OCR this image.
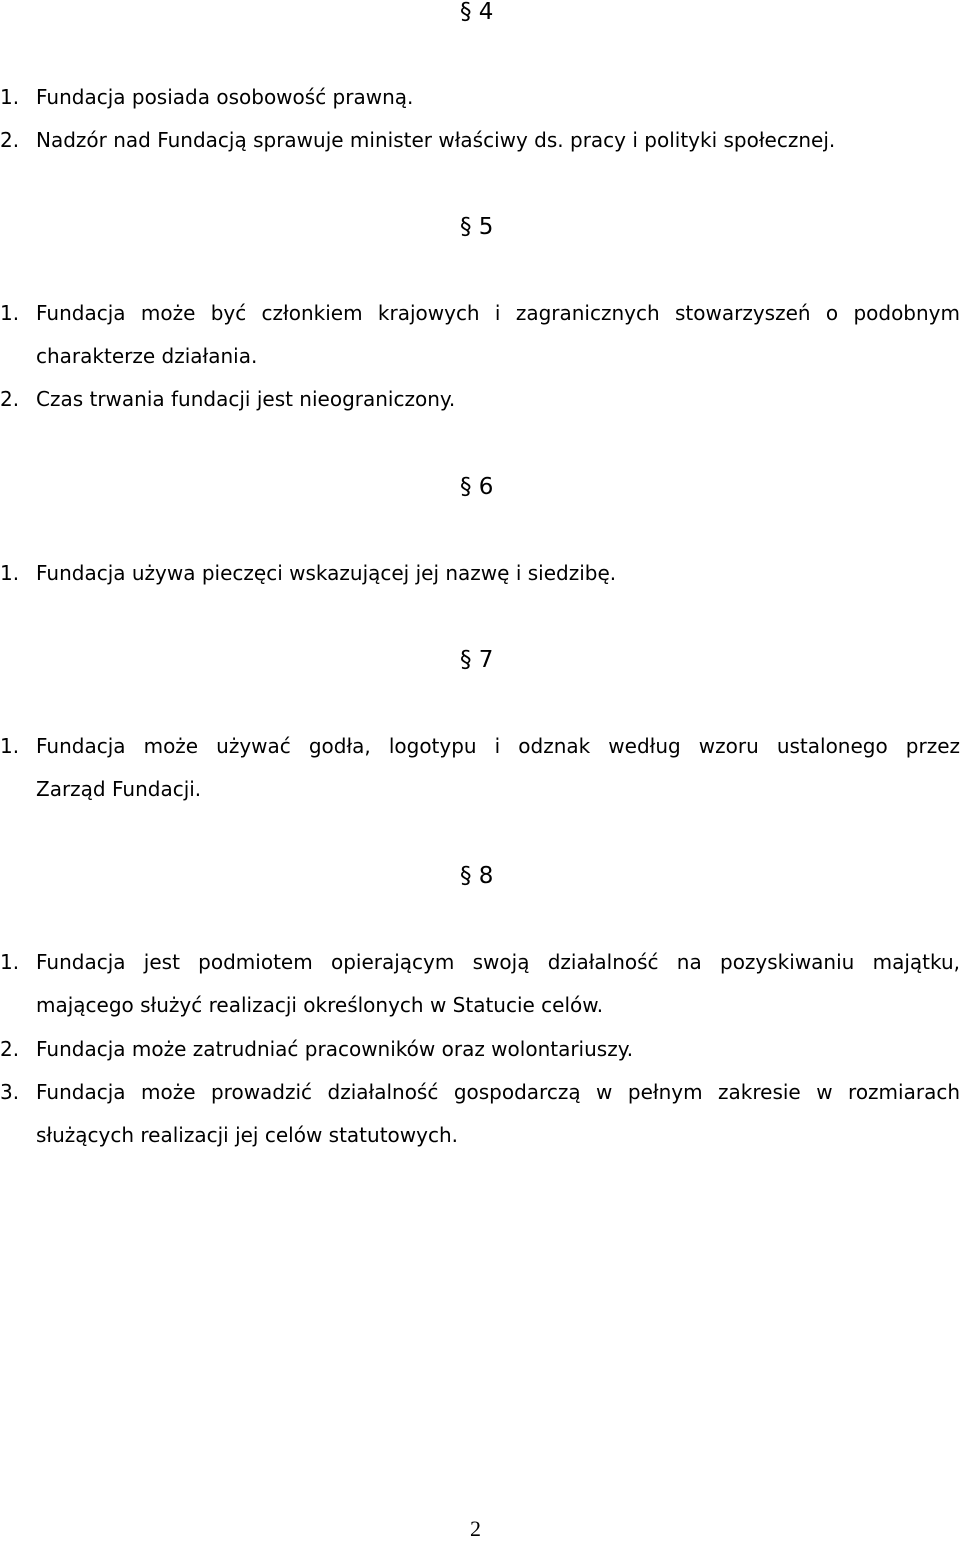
§ 4
1. Fundacja posiada osobowość prawną.
2. Nadzór nad Fundacją sprawuje minister właściwy ds. pracy i polityki społecznej.
§ 5
1. Fundacja może być członkiem krajowych i zagranicznych stowarzyszeń o podobnym
charakterze działania.
2. Czas trwania fundacji jest nieograniczony.
§ 6
1. Fundacja używa pieczęci wskazującej jej nazwę i siedzibę.
§ 7
1. Fundacja może używać godła, logotypu i odznak według wzoru ustalonego przez
Zarząd Fundacji.
§ 8
1. Fundacja jest podmiotem opierającym swoją działalność na pozyskiwaniu majątku,
mającego służyć realizacji określonych w Statucie celów.
2. Fundacja może zatrudniać pracowników oraz wolontariuszy.
3. Fundacja może prowadzić działalność gospodarczą w pełnym zakresie w rozmiarach
służących realizacji jej celów statutowych.
2
